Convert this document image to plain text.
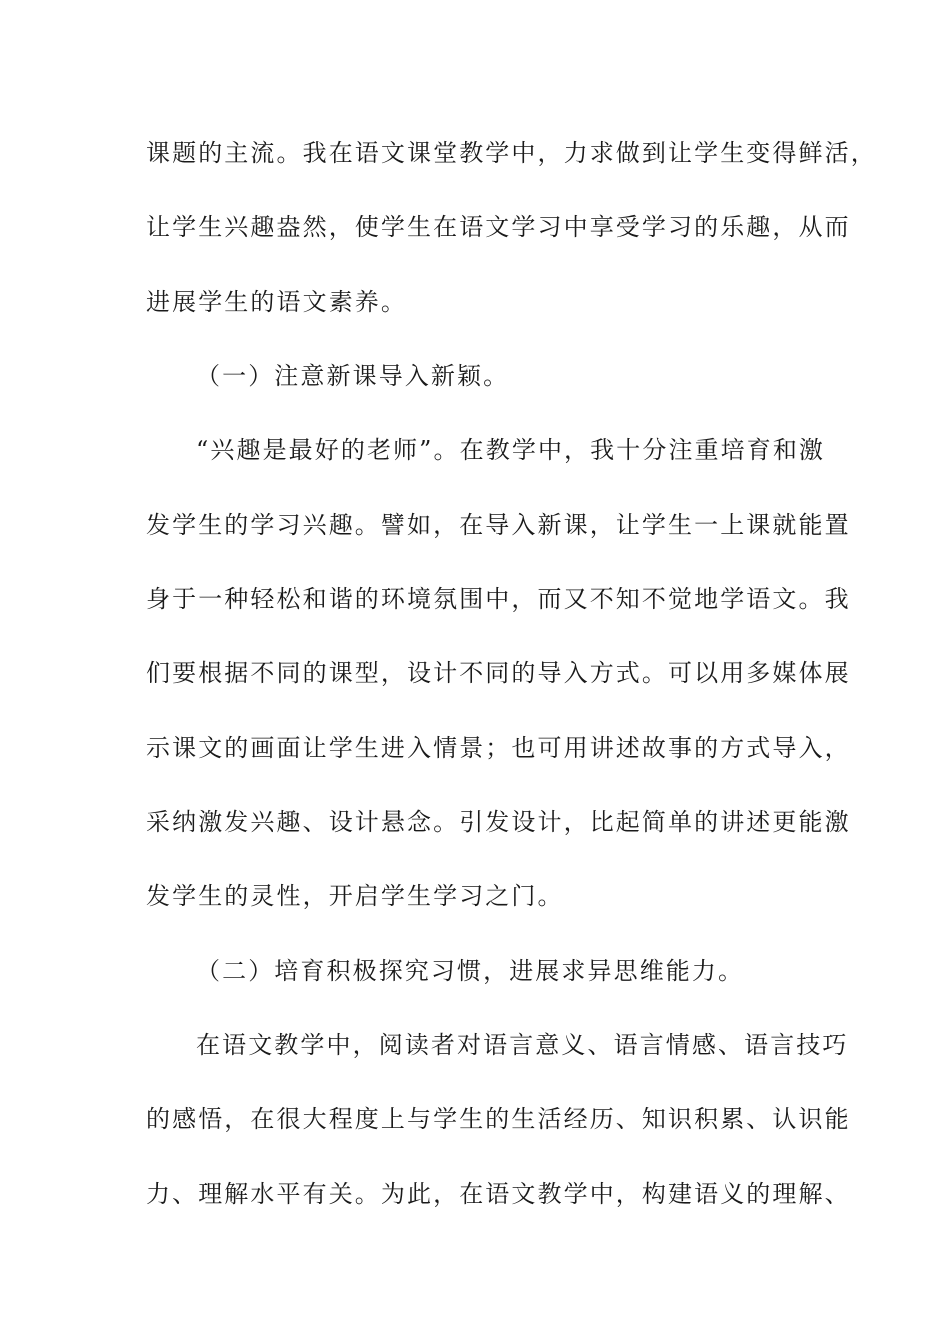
课题的主流。我在语文课堂教学中，力求做到让学生变得鲜活，
让学生兴趣盎然，使学生在语文学习中享受学习的乐趣，从而
进展学生的语文素养。
（一）注意新课导入新颖。
“兴趣是最好的老师”。在教学中，我十分注重培育和激
发学生的学习兴趣。譬如，在导入新课，让学生一上课就能置
身于一种轻松和谐的环境氛围中，而又不知不觉地学语文。我
们要根据不同的课型，设计不同的导入方式。可以用多媒体展
示课文的画面让学生进入情景；也可用讲述故事的方式导入，
采纳激发兴趣、设计悬念。引发设计，比起简单的讲述更能激
发学生的灵性，开启学生学习之门。
（二）培育积极探究习惯，进展求异思维能力。
在语文教学中，阅读者对语言意义、语言情感、语言技巧
的感悟，在很大程度上与学生的生活经历、知识积累、认识能
力、理解水平有关。为此，在语文教学中，构建语义的理解、
